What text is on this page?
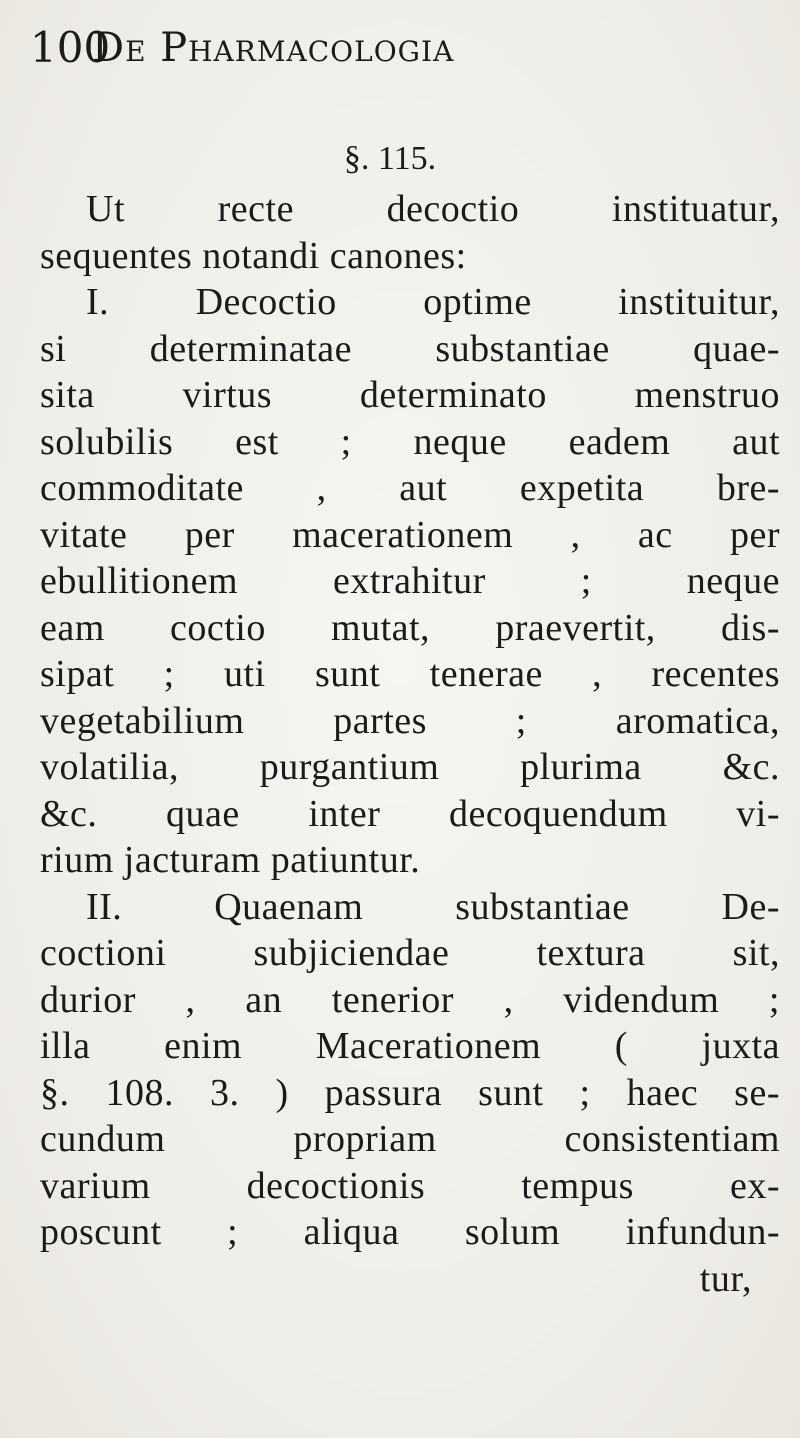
100
De Pharmacologia
§. 115.
Ut recte decoctio instituatur,
sequentes notandi canones:
I. Decoctio optime instituitur,
si determinatae substantiae quae-
sita virtus determinato menstruo
solubilis est ; neque eadem aut
commoditate , aut expetita bre-
vitate per macerationem , ac per
ebullitionem extrahitur ; neque
eam coctio mutat, praevertit, dis-
sipat ; uti sunt tenerae , recentes
vegetabilium partes ; aromatica,
volatilia, purgantium plurima &c.
&c. quae inter decoquendum vi-
rium jacturam patiuntur.
II. Quaenam substantiae De-
coctioni subjiciendae textura sit,
durior , an tenerior , videndum ;
illa enim Macerationem ( juxta
§. 108. 3. ) passura sunt ; haec se-
cundum propriam consistentiam
varium decoctionis tempus ex-
poscunt ; aliqua solum infundun-
tur,
